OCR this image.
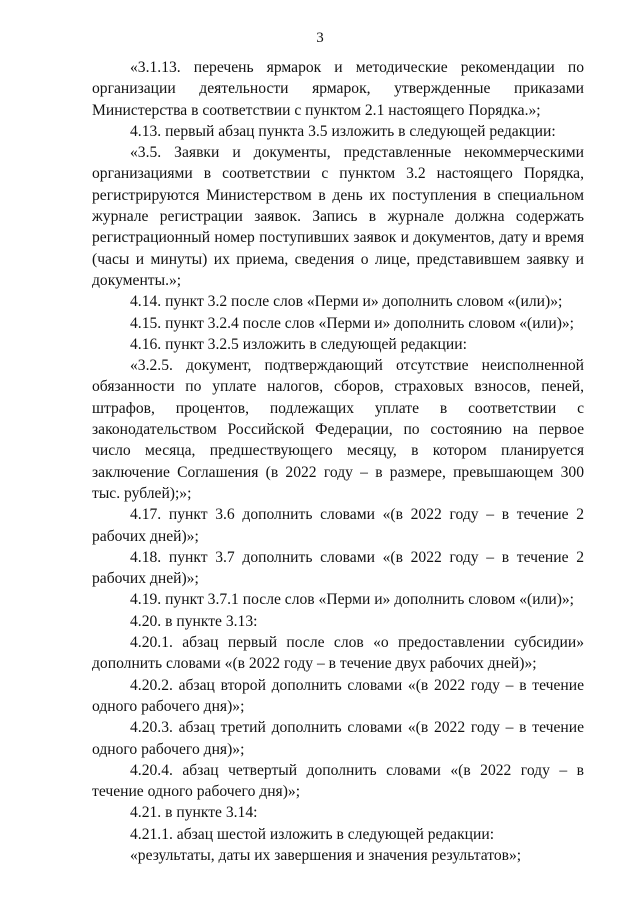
3

«3.1.13. перечень ярмарок и методические рекомендации по организации деятельности ярмарок, утвержденные приказами Министерства в соответствии с пунктом 2.1 настоящего Порядка.»;

4.13. первый абзац пункта 3.5 изложить в следующей редакции:

«3.5. Заявки и документы, представленные некоммерческими организациями в соответствии с пунктом 3.2 настоящего Порядка, регистрируются Министерством в день их поступления в специальном журнале регистрации заявок. Запись в журнале должна содержать регистрационный номер поступивших заявок и документов, дату и время (часы и минуты) их приема, сведения о лице, представившем заявку и документы.»;

4.14. пункт 3.2 после слов «Перми и» дополнить словом «(или)»;

4.15. пункт 3.2.4 после слов «Перми и» дополнить словом «(или)»;

4.16. пункт 3.2.5 изложить в следующей редакции:

«3.2.5. документ, подтверждающий отсутствие неисполненной обязанности по уплате налогов, сборов, страховых взносов, пеней, штрафов, процентов, подлежащих уплате в соответствии с законодательством Российской Федерации, по состоянию на первое число месяца, предшествующего месяцу, в котором планируется заключение Соглашения (в 2022 году – в размере, превышающем 300 тыс. рублей);»;

4.17. пункт 3.6 дополнить словами «(в 2022 году – в течение 2 рабочих дней)»;

4.18. пункт 3.7 дополнить словами «(в 2022 году – в течение 2 рабочих дней)»;

4.19. пункт 3.7.1 после слов «Перми и» дополнить словом «(или)»;

4.20. в пункте 3.13:

4.20.1. абзац первый после слов «о предоставлении субсидии» дополнить словами «(в 2022 году – в течение двух рабочих дней)»;

4.20.2. абзац второй дополнить словами «(в 2022 году – в течение одного рабочего дня)»;

4.20.3. абзац третий дополнить словами «(в 2022 году – в течение одного рабочего дня)»;

4.20.4. абзац четвертый дополнить словами «(в 2022 году – в течение одного рабочего дня)»;

4.21. в пункте 3.14:

4.21.1. абзац шестой изложить в следующей редакции:

«результаты, даты их завершения и значения результатов»;
